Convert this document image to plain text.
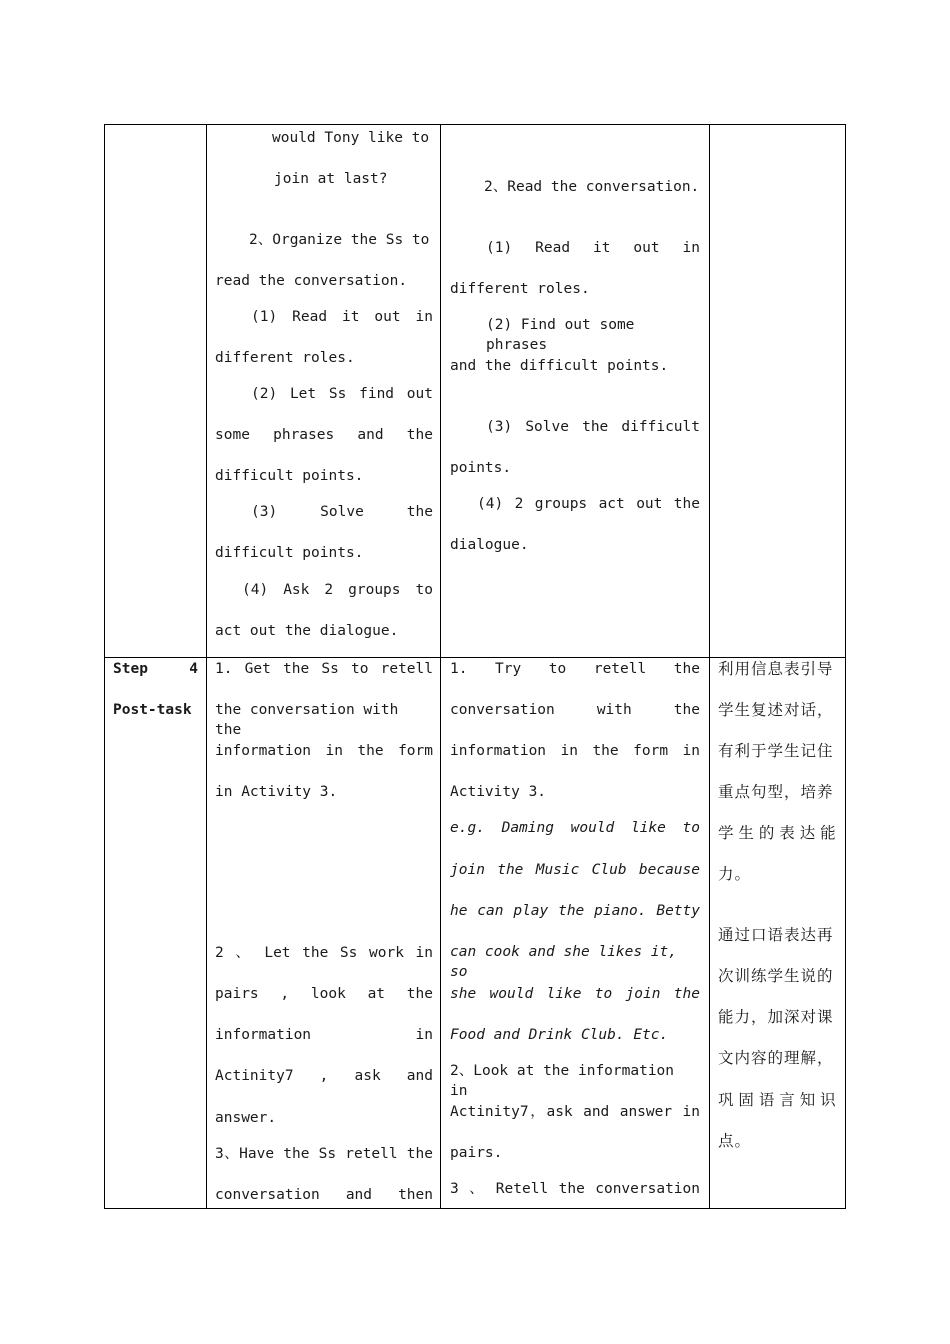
would Tony like to
join at last?
2、Organize the Ss to
read the conversation.
(1) Read it out in
different roles.
(2) Let Ss find out
some phrases and the
difficult points.
(3) Solve the
difficult points.
(4) Ask 2 groups to
act out the dialogue.
2、Read the conversation.
(1) Read it out in
different roles.
(2) Find out some phrases
and the difficult points.
(3) Solve the difficult
points.
(4) 2 groups act out the
dialogue.
Step 4
Post-task
1. Get the Ss to retell
the conversation with the
information in the form
in Activity 3.
2 、 Let the Ss work in
pairs , look at the
information in
Actinity7 , ask and
answer.
3、Have the Ss retell the
conversation and then
1. Try to retell the
conversation with the
information in the form in
Activity 3.
e.g. Daming would like to
join the Music Club because
he can play the piano. Betty
can cook and she likes it, so
she would like to join the
Food and Drink Club. Etc.
2、Look at the information in
Actinity7，ask and answer in
pairs.
3 、 Retell the conversation
利用信息表引导
学生复述对话，
有利于学生记住
重点句型，培养
学 生 的 表 达 能
力。
通过口语表达再
次训练学生说的
能力，加深对课
文内容的理解，
巩 固 语 言 知 识
点。
